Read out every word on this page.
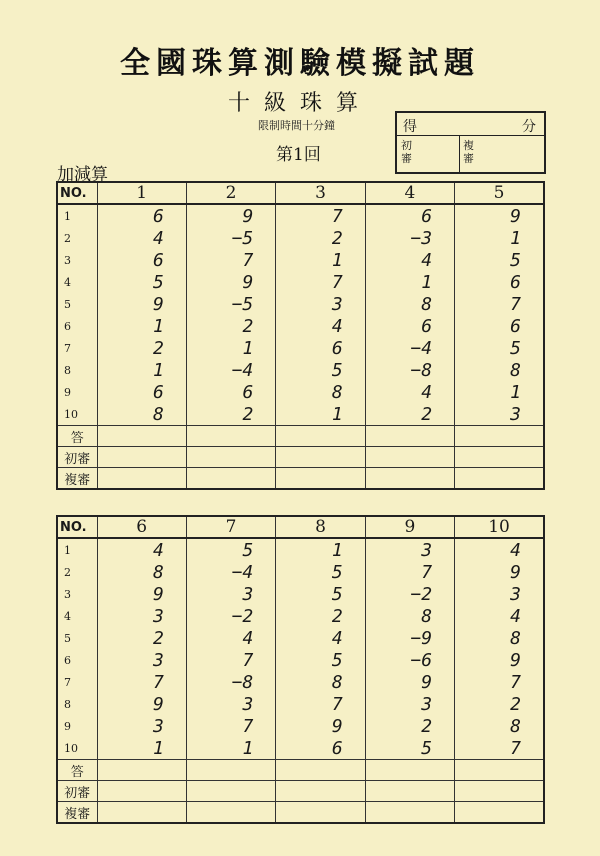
全國珠算測驗模擬試題
十級珠算
限制時間十分鐘
第1回
得	分
初審
複審
加減算
NO.	1	2	3	4	5
1	6	9	7	6	9
2	4	−5	2	−3	1
3	6	7	1	4	5
4	5	9	7	1	6
5	9	−5	3	8	7
6	1	2	4	6	6
7	2	1	6	−4	5
8	1	−4	5	−8	8
9	6	6	8	4	1
10	8	2	1	2	3
答					
初審					
複審					
NO.	6	7	8	9	10
1	4	5	1	3	4
2	8	−4	5	7	9
3	9	3	5	−2	3
4	3	−2	2	8	4
5	2	4	4	−9	8
6	3	7	5	−6	9
7	7	−8	8	9	7
8	9	3	7	3	2
9	3	7	9	2	8
10	1	1	6	5	7
答					
初審					
複審					
